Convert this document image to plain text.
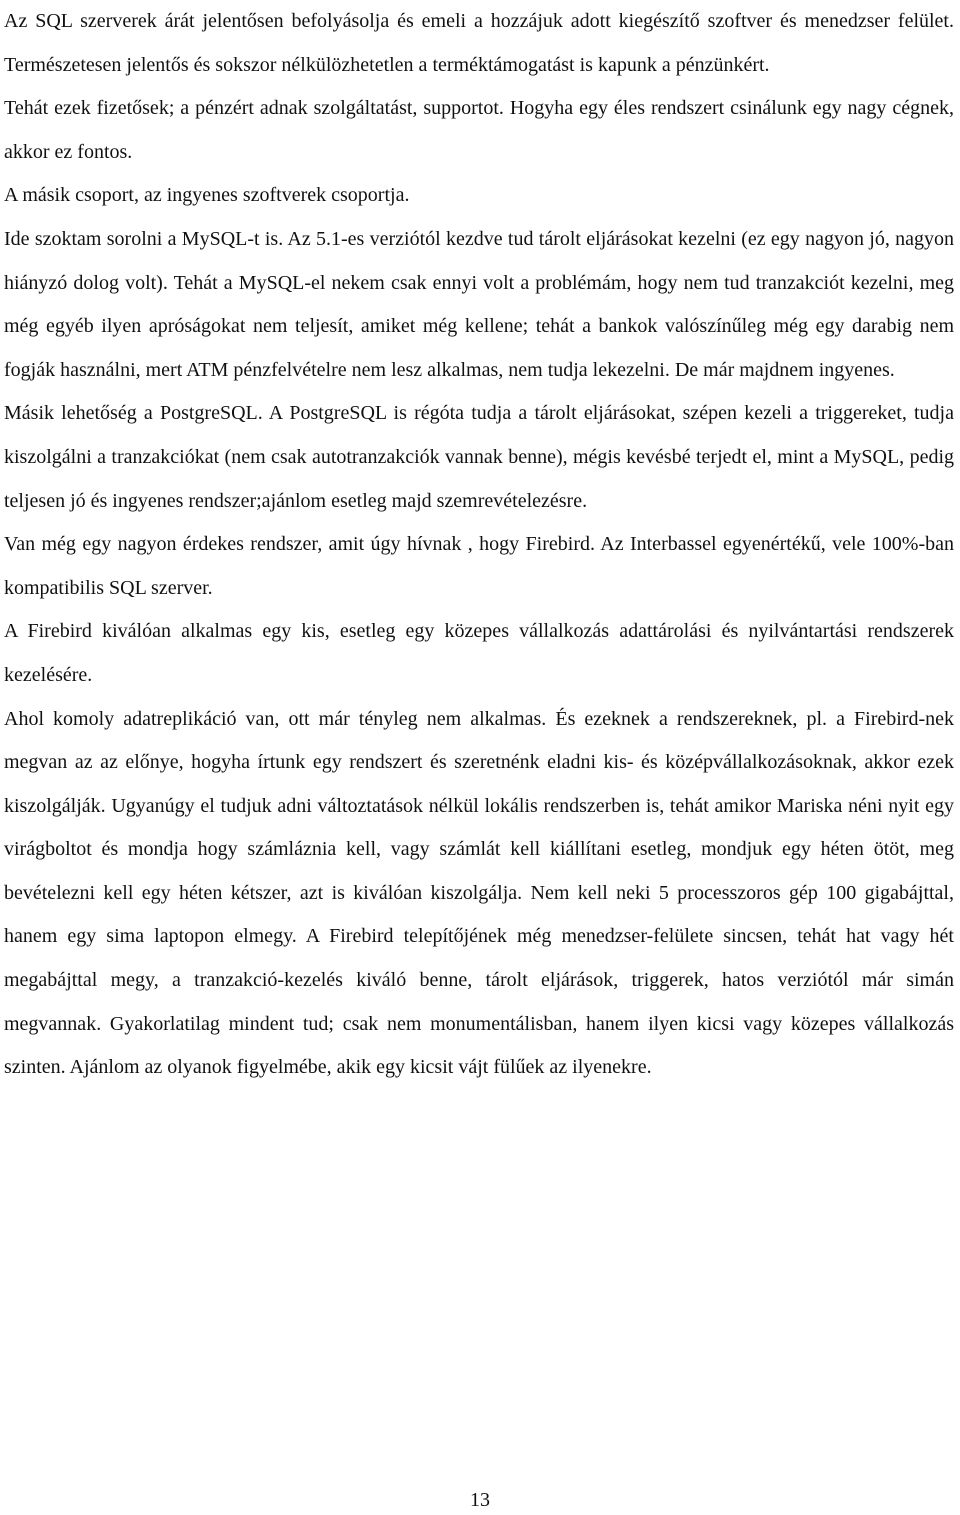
Az SQL szerverek árát jelentősen befolyásolja és emeli a hozzájuk adott kiegészítő szoftver és menedzser felület. Természetesen jelentős és sokszor nélkülözhetetlen a terméktámogatást is kapunk a pénzünkért.

Tehát ezek fizetősek; a pénzért adnak szolgáltatást, supportot. Hogyha egy éles rendszert csinálunk egy nagy cégnek, akkor ez fontos.

A másik csoport, az ingyenes szoftverek csoportja.

Ide szoktam sorolni a MySQL-t is. Az 5.1-es verziótól kezdve tud tárolt eljárásokat kezelni (ez egy nagyon jó, nagyon hiányzó dolog volt). Tehát a MySQL-el nekem csak ennyi volt a problémám, hogy nem tud tranzakciót kezelni, meg még egyéb ilyen apróságokat nem teljesít, amiket még kellene; tehát a bankok valószínűleg még egy darabig nem fogják használni, mert ATM pénzfelvételre nem lesz alkalmas, nem tudja lekezelni. De már majdnem ingyenes.

Másik lehetőség a PostgreSQL. A PostgreSQL is régóta tudja a tárolt eljárásokat, szépen kezeli a triggereket, tudja kiszolgálni a tranzakciókat (nem csak autotranzakciók vannak benne), mégis kevésbé terjedt el, mint a MySQL, pedig teljesen jó és ingyenes rendszer;ajánlom esetleg majd szemrevételezésre.

Van még egy nagyon érdekes rendszer, amit úgy hívnak , hogy Firebird. Az Interbassel egyenértékű, vele 100%-ban kompatibilis SQL szerver.

A Firebird kiválóan alkalmas egy kis, esetleg egy közepes vállalkozás adattárolási és nyilvántartási rendszerek kezelésére.

Ahol komoly adatreplikáció van, ott már tényleg nem alkalmas. És ezeknek a rendszereknek, pl. a Firebird-nek megvan az az előnye, hogyha írtunk egy rendszert és szeretnénk eladni kis- és középvállalkozásoknak, akkor ezek kiszolgálják. Ugyanúgy el tudjuk adni változtatások nélkül lokális rendszerben is, tehát amikor Mariska néni nyit egy virágboltot és mondja hogy számláznia kell, vagy számlát kell kiállítani esetleg, mondjuk egy héten ötöt, meg bevételezni kell egy héten kétszer, azt is kiválóan kiszolgálja. Nem kell neki 5 processzoros gép 100 gigabájttal, hanem egy sima laptopon elmegy. A Firebird telepítőjének még menedzser-felülete sincsen, tehát hat vagy hét megabájttal megy, a tranzakció-kezelés kiváló benne, tárolt eljárások, triggerek, hatos verziótól már simán megvannak. Gyakorlatilag mindent tud; csak nem monumentálisban, hanem ilyen kicsi vagy közepes vállalkozás szinten. Ajánlom az olyanok figyelmébe, akik egy kicsit vájt fülűek az ilyenekre.

13
